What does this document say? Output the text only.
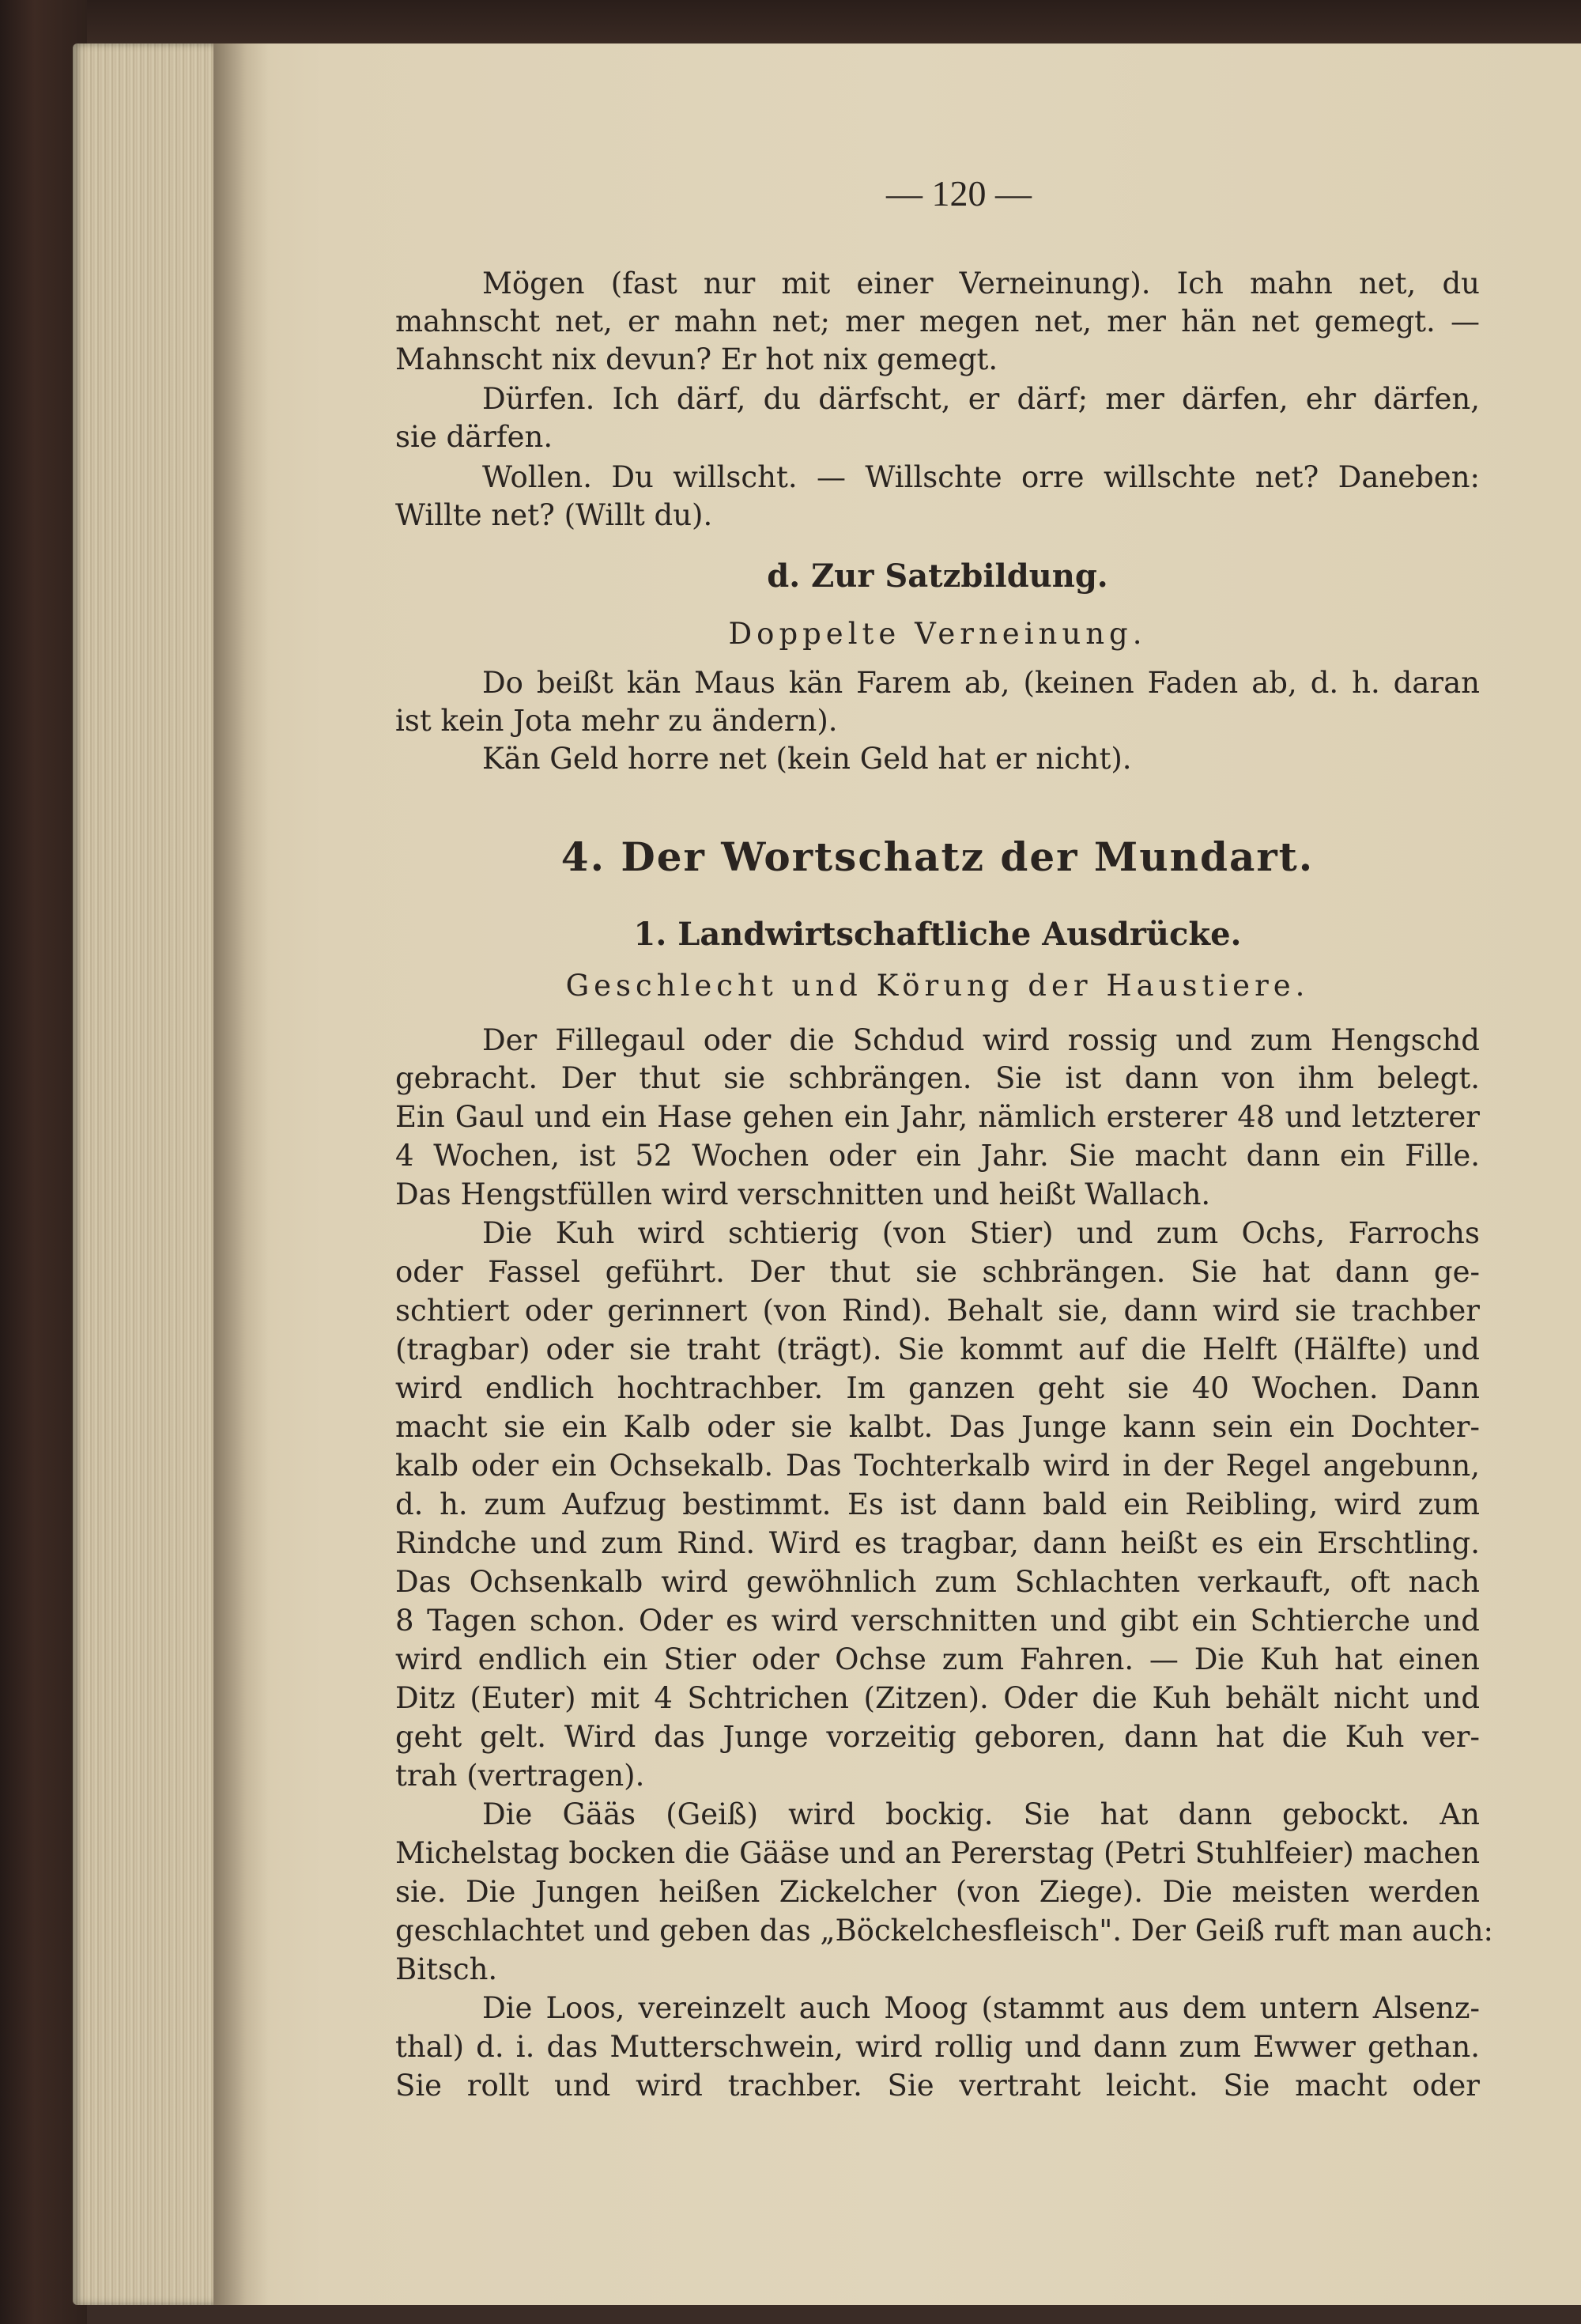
— 120 —
Mögen (fast nur mit einer Verneinung). Ich mahn net, du
mahnscht net, er mahn net; mer megen net, mer hän net gemegt. —
Mahnscht nix devun? Er hot nix gemegt.
Dürfen. Ich därf, du därfscht, er därf; mer därfen, ehr därfen,
sie därfen.
Wollen. Du willscht. — Willschte orre willschte net? Daneben:
Willte net? (Willt du).
d. Zur Satzbildung.
Doppelte Verneinung.
Do beißt kän Maus kän Farem ab, (keinen Faden ab, d. h. daran
ist kein Jota mehr zu ändern).
Kän Geld horre net (kein Geld hat er nicht).
4. Der Wortschatz der Mundart.
1. Landwirtschaftliche Ausdrücke.
Geschlecht und Körung der Haustiere.
Der Fillegaul oder die Schdud wird rossig und zum Hengschd
gebracht. Der thut sie schbrängen. Sie ist dann von ihm belegt.
Ein Gaul und ein Hase gehen ein Jahr, nämlich ersterer 48 und letzterer
4 Wochen, ist 52 Wochen oder ein Jahr. Sie macht dann ein Fille.
Das Hengstfüllen wird verschnitten und heißt Wallach.
Die Kuh wird schtierig (von Stier) und zum Ochs, Farrochs
oder Fassel geführt. Der thut sie schbrängen. Sie hat dann ge-
schtiert oder gerinnert (von Rind). Behalt sie, dann wird sie trachber
(tragbar) oder sie traht (trägt). Sie kommt auf die Helft (Hälfte) und
wird endlich hochtrachber. Im ganzen geht sie 40 Wochen. Dann
macht sie ein Kalb oder sie kalbt. Das Junge kann sein ein Dochter-
kalb oder ein Ochsekalb. Das Tochterkalb wird in der Regel angebunn,
d. h. zum Aufzug bestimmt. Es ist dann bald ein Reibling, wird zum
Rindche und zum Rind. Wird es tragbar, dann heißt es ein Erschtling.
Das Ochsenkalb wird gewöhnlich zum Schlachten verkauft, oft nach
8 Tagen schon. Oder es wird verschnitten und gibt ein Schtierche und
wird endlich ein Stier oder Ochse zum Fahren. — Die Kuh hat einen
Ditz (Euter) mit 4 Schtrichen (Zitzen). Oder die Kuh behält nicht und
geht gelt. Wird das Junge vorzeitig geboren, dann hat die Kuh ver-
trah (vertragen).
Die Gääs (Geiß) wird bockig. Sie hat dann gebockt. An
Michelstag bocken die Gääse und an Pererstag (Petri Stuhlfeier) machen
sie. Die Jungen heißen Zickelcher (von Ziege). Die meisten werden
geschlachtet und geben das „Böckelchesfleisch". Der Geiß ruft man auch:
Bitsch.
Die Loos, vereinzelt auch Moog (stammt aus dem untern Alsenz-
thal) d. i. das Mutterschwein, wird rollig und dann zum Ewwer gethan.
Sie rollt und wird trachber. Sie vertraht leicht. Sie macht oder
